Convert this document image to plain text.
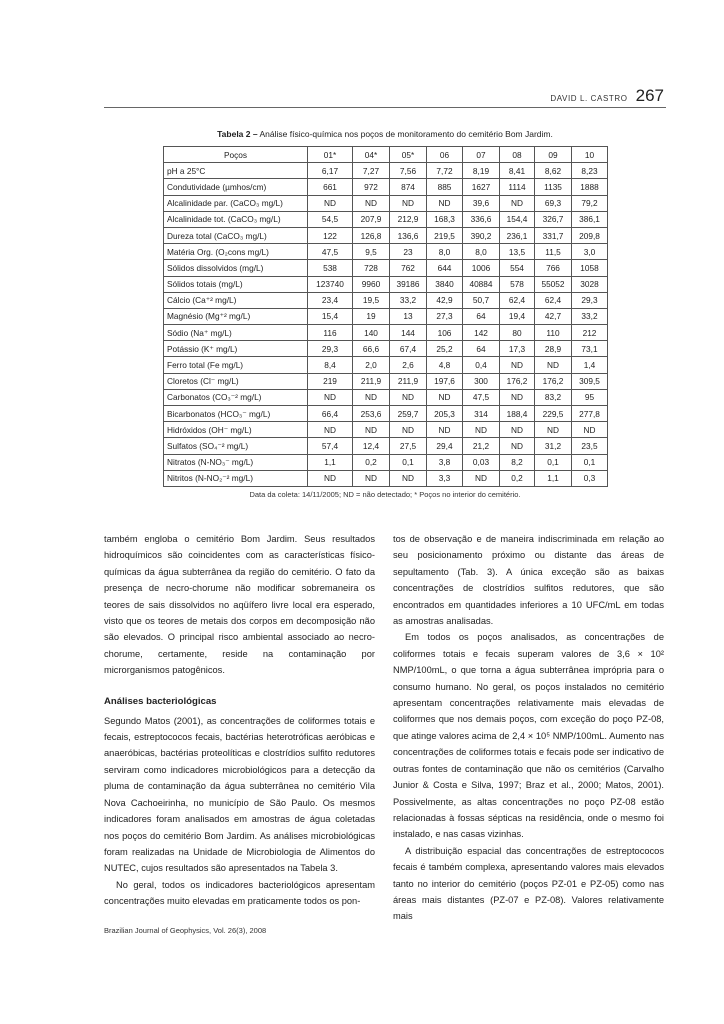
DAVID L. CASTRO 267
Tabela 2 – Análise físico-química nos poços de monitoramento do cemitério Bom Jardim.
Poços	01*	04*	05*	06	07	08	09	10
pH a 25°C	6,17	7,27	7,56	7,72	8,19	8,41	8,62	8,23
Condutividade (µmhos/cm)	661	972	874	885	1627	1114	1135	1888
Alcalinidade par. (CaCO₃ mg/L)	ND	ND	ND	ND	39,6	ND	69,3	79,2
Alcalinidade tot. (CaCO₃ mg/L)	54,5	207,9	212,9	168,3	336,6	154,4	326,7	386,1
Dureza total (CaCO₃ mg/L)	122	126,8	136,6	219,5	390,2	236,1	331,7	209,8
Matéria Org. (O₂cons mg/L)	47,5	9,5	23	8,0	8,0	13,5	11,5	3,0
Sólidos dissolvidos (mg/L)	538	728	762	644	1006	554	766	1058
Sólidos totais (mg/L)	123740	9960	39186	3840	40884	578	55052	3028
Cálcio (Ca⁺² mg/L)	23,4	19,5	33,2	42,9	50,7	62,4	62,4	29,3
Magnésio (Mg⁺² mg/L)	15,4	19	13	27,3	64	19,4	42,7	33,2
Sódio (Na⁺ mg/L)	116	140	144	106	142	80	110	212
Potássio (K⁺ mg/L)	29,3	66,6	67,4	25,2	64	17,3	28,9	73,1
Ferro total (Fe mg/L)	8,4	2,0	2,6	4,8	0,4	ND	ND	1,4
Cloretos (Cl⁻ mg/L)	219	211,9	211,9	197,6	300	176,2	176,2	309,5
Carbonatos (CO₃⁻² mg/L)	ND	ND	ND	ND	47,5	ND	83,2	95
Bicarbonatos (HCO₃⁻ mg/L)	66,4	253,6	259,7	205,3	314	188,4	229,5	277,8
Hidróxidos (OH⁻ mg/L)	ND	ND	ND	ND	ND	ND	ND	ND
Sulfatos (SO₄⁻² mg/L)	57,4	12,4	27,5	29,4	21,2	ND	31,2	23,5
Nitratos (N-NO₃⁻ mg/L)	1,1	0,2	0,1	3,8	0,03	8,2	0,1	0,1
Nitritos (N-NO₂⁻² mg/L)	ND	ND	ND	3,3	ND	0,2	1,1	0,3
Data da coleta: 14/11/2005; ND = não detectado; * Poços no interior do cemitério.

também engloba o cemitério Bom Jardim. Seus resultados hidroquímicos são coincidentes com as características físico-químicas da água subterrânea da região do cemitério. O fato da presença de necro-chorume não modificar sobremaneira os teores de sais dissolvidos no aqüífero livre local era esperado, visto que os teores de metais dos corpos em decomposição não são elevados. O principal risco ambiental associado ao necro-chorume, certamente, reside na contaminação por microrganismos patogênicos.

Análises bacteriológicas

Segundo Matos (2001), as concentrações de coliformes totais e fecais, estreptococos fecais, bactérias heterotróficas aeróbicas e anaeróbicas, bactérias proteolíticas e clostrídios sulfito redutores serviram como indicadores microbiológicos para a detecção da pluma de contaminação da água subterrânea no cemitério Vila Nova Cachoeirinha, no município de São Paulo. Os mesmos indicadores foram analisados em amostras de água coletadas nos poços do cemitério Bom Jardim. As análises microbiológicas foram realizadas na Unidade de Microbiologia de Alimentos do NUTEC, cujos resultados são apresentados na Tabela 3.

No geral, todos os indicadores bacteriológicos apresentam concentrações muito elevadas em praticamente todos os pon-

tos de observação e de maneira indiscriminada em relação ao seu posicionamento próximo ou distante das áreas de sepultamento (Tab. 3). A única exceção são as baixas concentrações de clostrídios sulfitos redutores, que são encontrados em quantidades inferiores a 10 UFC/mL em todas as amostras analisadas.

Em todos os poços analisados, as concentrações de coliformes totais e fecais superam valores de 3,6 × 10² NMP/100mL, o que torna a água subterrânea imprópria para o consumo humano. No geral, os poços instalados no cemitério apresentam concentrações relativamente mais elevadas de coliformes que nos demais poços, com exceção do poço PZ-08, que atinge valores acima de 2,4 × 10⁵ NMP/100mL. Aumento nas concentrações de coliformes totais e fecais pode ser indicativo de outras fontes de contaminação que não os cemitérios (Carvalho Junior & Costa e Silva, 1997; Braz et al., 2000; Matos, 2001). Possivelmente, as altas concentrações no poço PZ-08 estão relacionadas à fossas sépticas na residência, onde o mesmo foi instalado, e nas casas vizinhas.

A distribuição espacial das concentrações de estreptococos fecais é também complexa, apresentando valores mais elevados tanto no interior do cemitério (poços PZ-01 e PZ-05) como nas áreas mais distantes (PZ-07 e PZ-08). Valores relativamente mais

Brazilian Journal of Geophysics, Vol. 26(3), 2008
